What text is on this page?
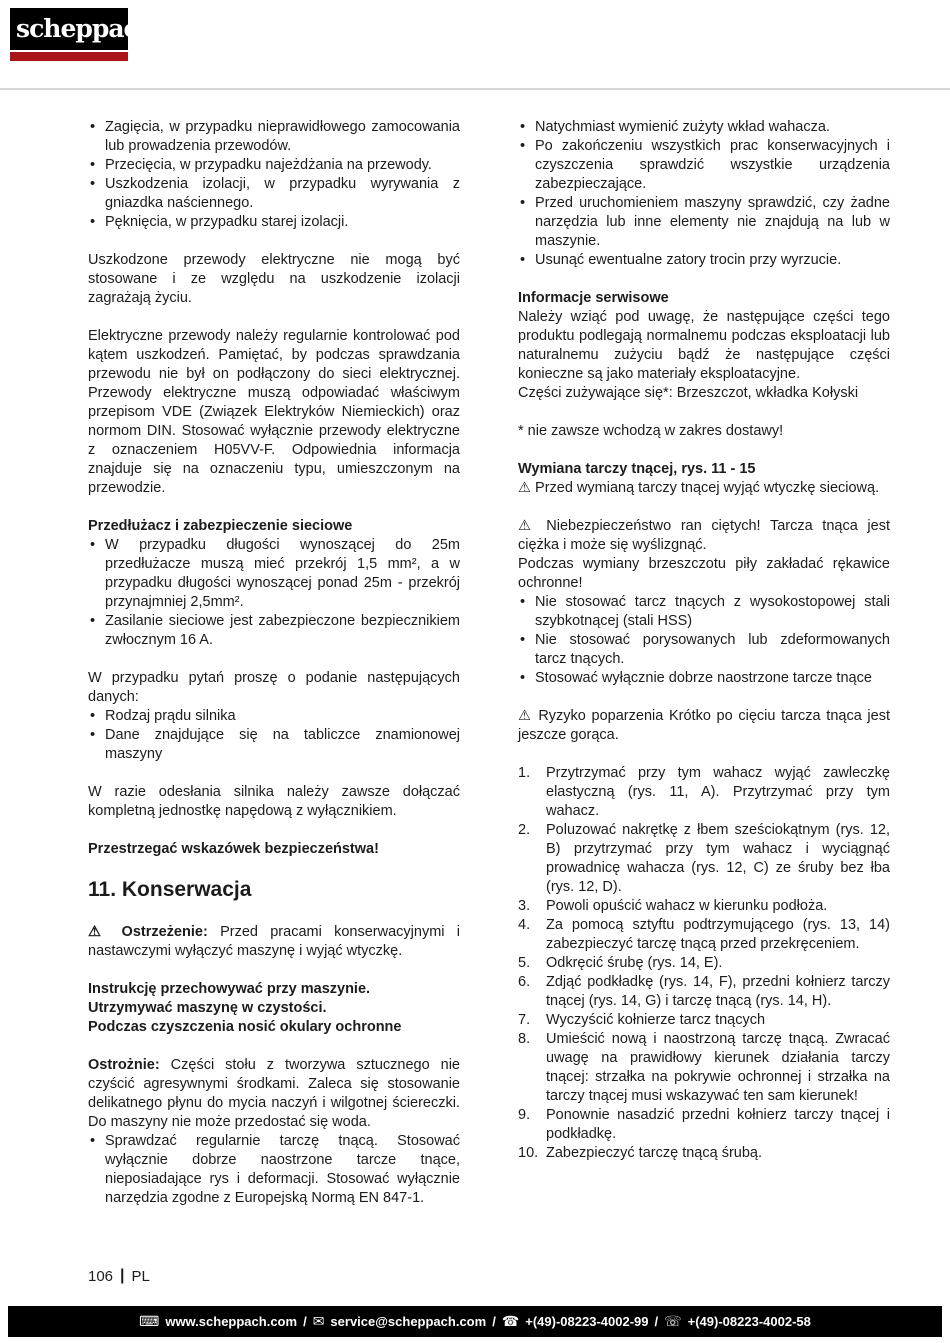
scheppach
• Zagięcia, w przypadku nieprawidłowego zamocowania lub prowadzenia przewodów.
• Przecięcia, w przypadku najeżdżania na przewody.
• Uszkodzenia izolacji, w przypadku wyrywania z gniazdka naściennego.
• Pęknięcia, w przypadku starej izolacji.

Uszkodzone przewody elektryczne nie mogą być stosowane i ze względu na uszkodzenie izolacji zagrażają życiu.

Elektryczne przewody należy regularnie kontrolować pod kątem uszkodzeń. Pamiętać, by podczas sprawdzania przewodu nie był on podłączony do sieci elektrycznej. Przewody elektryczne muszą odpowiadać właściwym przepisom VDE (Związek Elektryków Niemieckich) oraz normom DIN. Stosować wyłącznie przewody elektryczne z oznaczeniem H05VV-F. Odpowiednia informacja znajduje się na oznaczeniu typu, umieszczonym na przewodzie.

Przedłużacz i zabezpieczenie sieciowe
• W przypadku długości wynoszącej do 25m przedłużacze muszą mieć przekrój 1,5 mm², a w przypadku długości wynoszącej ponad 25m - przekrój przynajmniej 2,5mm².
• Zasilanie sieciowe jest zabezpieczone bezpiecznikiem zwłocznym 16 A.

W przypadku pytań proszę o podanie następujących danych:

• Rodzaj prądu silnika
• Dane znajdujące się na tabliczce znamionowej maszyny

W razie odesłania silnika należy zawsze dołączać kompletną jednostkę napędową z wyłącznikiem.

Przestrzegać wskazówek bezpieczeństwa!

11. Konserwacja

⚠ Ostrzeżenie: Przed pracami konserwacyjnymi i nastawczymi wyłączyć maszynę i wyjąć wtyczkę.

Instrukcję przechowywać przy maszynie.

Utrzymywać maszynę w czystości.

Podczas czyszczenia nosić okulary ochronne

Ostrożnie: Części stołu z tworzywa sztucznego nie czyścić agresywnymi środkami. Zaleca się stosowanie delikatnego płynu do mycia naczyń i wilgotnej ściereczki. Do maszyny nie może przedostać się woda.

• Sprawdzać regularnie tarczę tnącą. Stosować wyłącznie dobrze naostrzone tarcze tnące, nieposiadające rys i deformacji. Stosować wyłącznie narzędzia zgodne z Europejską Normą EN 847-1.
• Natychmiast wymienić zużyty wkład wahacza.
• Po zakończeniu wszystkich prac konserwacyjnych i czyszczenia sprawdzić wszystkie urządzenia zabezpieczające.
• Przed uruchomieniem maszyny sprawdzić, czy żadne narzędzia lub inne elementy nie znajdują na lub w maszynie.
• Usunąć ewentualne zatory trocin przy wyrzucie.
Informacje serwisowe

Należy wziąć pod uwagę, że następujące części tego produktu podlegają normalnemu podczas eksploatacji lub naturalnemu zużyciu bądź że następujące części konieczne są jako materiały eksploatacyjne.

Części zużywające się*: Brzeszczot, wkładka Kołyski

* nie zawsze wchodzą w zakres dostawy!

Wymiana tarczy tnącej, rys. 11 - 15

⚠ Przed wymianą tarczy tnącej wyjąć wtyczkę sieciową.

⚠ Niebezpieczeństwo ran ciętych! Tarcza tnąca jest ciężka i może się wyślizgnąć.

Podczas wymiany brzeszczotu piły zakładać rękawice ochronne!

• Nie stosować tarcz tnących z wysokostopowej stali szybkotnącej (stali HSS)
• Nie stosować porysowanych lub zdeformowanych tarcz tnących.
• Stosować wyłącznie dobrze naostrzone tarcze tnące

⚠ Ryzyko poparzenia Krótko po cięciu tarcza tnąca jest jeszcze gorąca.

Przytrzymać przy tym wahacz wyjąć zawleczkę elastyczną (rys. 11, A). Przytrzymać przy tym wahacz.
Poluzować nakrętkę z łbem sześciokątnym (rys. 12, B) przytrzymać przy tym wahacz i wyciągnąć prowadnicę wahacza (rys. 12, C) ze śruby bez łba (rys. 12, D).
Powoli opuścić wahacz w kierunku podłoża.
Za pomocą sztyftu podtrzymującego (rys. 13, 14) zabezpieczyć tarczę tnącą przed przekręceniem.
Odkręcić śrubę (rys. 14, E).
Zdjąć podkładkę (rys. 14, F), przedni kołnierz tarczy tnącej (rys. 14, G) i tarczę tnącą (rys. 14, H).
Wyczyścić kołnierze tarcz tnących
Umieścić nową i naostrzoną tarczę tnącą. Zwracać uwagę na prawidłowy kierunek działania tarczy tnącej: strzałka na pokrywie ochronnej i strzałka na tarczy tnącej musi wskazywać ten sam kierunek!
Ponownie nasadzić przedni kołnierz tarczy tnącej i podkładkę.
Zabezpieczyć tarczę tnącą śrubą.
106 | PL
⌨ www.scheppach.com / ✉ service@scheppach.com / ☎ +(49)-08223-4002-99 / ☏ +(49)-08223-4002-58
